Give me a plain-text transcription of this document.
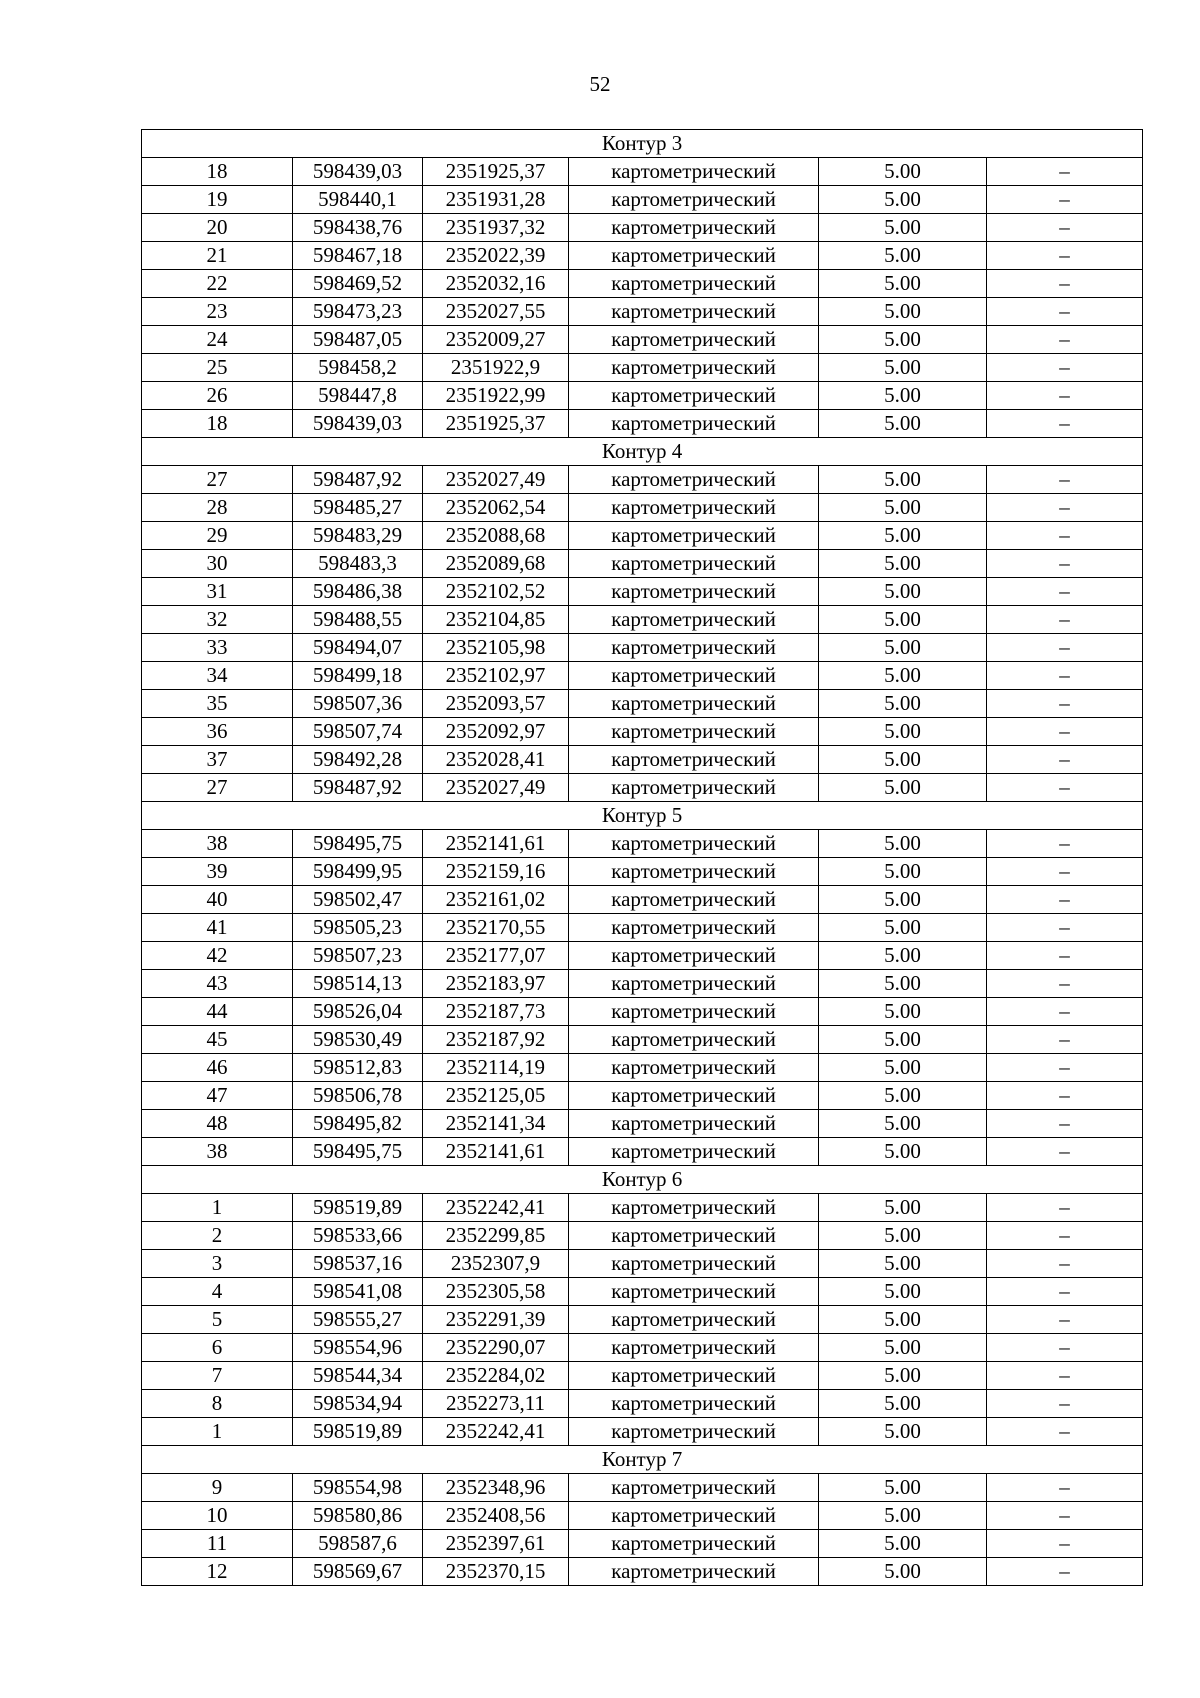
52
Контур 3					
18	598439,03	2351925,37	картометрический	5.00	–
19	598440,1	2351931,28	картометрический	5.00	–
20	598438,76	2351937,32	картометрический	5.00	–
21	598467,18	2352022,39	картометрический	5.00	–
22	598469,52	2352032,16	картометрический	5.00	–
23	598473,23	2352027,55	картометрический	5.00	–
24	598487,05	2352009,27	картометрический	5.00	–
25	598458,2	2351922,9	картометрический	5.00	–
26	598447,8	2351922,99	картометрический	5.00	–
18	598439,03	2351925,37	картометрический	5.00	–
Контур 4					
27	598487,92	2352027,49	картометрический	5.00	–
28	598485,27	2352062,54	картометрический	5.00	–
29	598483,29	2352088,68	картометрический	5.00	–
30	598483,3	2352089,68	картометрический	5.00	–
31	598486,38	2352102,52	картометрический	5.00	–
32	598488,55	2352104,85	картометрический	5.00	–
33	598494,07	2352105,98	картометрический	5.00	–
34	598499,18	2352102,97	картометрический	5.00	–
35	598507,36	2352093,57	картометрический	5.00	–
36	598507,74	2352092,97	картометрический	5.00	–
37	598492,28	2352028,41	картометрический	5.00	–
27	598487,92	2352027,49	картометрический	5.00	–
Контур 5					
38	598495,75	2352141,61	картометрический	5.00	–
39	598499,95	2352159,16	картометрический	5.00	–
40	598502,47	2352161,02	картометрический	5.00	–
41	598505,23	2352170,55	картометрический	5.00	–
42	598507,23	2352177,07	картометрический	5.00	–
43	598514,13	2352183,97	картометрический	5.00	–
44	598526,04	2352187,73	картометрический	5.00	–
45	598530,49	2352187,92	картометрический	5.00	–
46	598512,83	2352114,19	картометрический	5.00	–
47	598506,78	2352125,05	картометрический	5.00	–
48	598495,82	2352141,34	картометрический	5.00	–
38	598495,75	2352141,61	картометрический	5.00	–
Контур 6					
1	598519,89	2352242,41	картометрический	5.00	–
2	598533,66	2352299,85	картометрический	5.00	–
3	598537,16	2352307,9	картометрический	5.00	–
4	598541,08	2352305,58	картометрический	5.00	–
5	598555,27	2352291,39	картометрический	5.00	–
6	598554,96	2352290,07	картометрический	5.00	–
7	598544,34	2352284,02	картометрический	5.00	–
8	598534,94	2352273,11	картометрический	5.00	–
1	598519,89	2352242,41	картометрический	5.00	–
Контур 7					
9	598554,98	2352348,96	картометрический	5.00	–
10	598580,86	2352408,56	картометрический	5.00	–
11	598587,6	2352397,61	картометрический	5.00	–
12	598569,67	2352370,15	картометрический	5.00	–
